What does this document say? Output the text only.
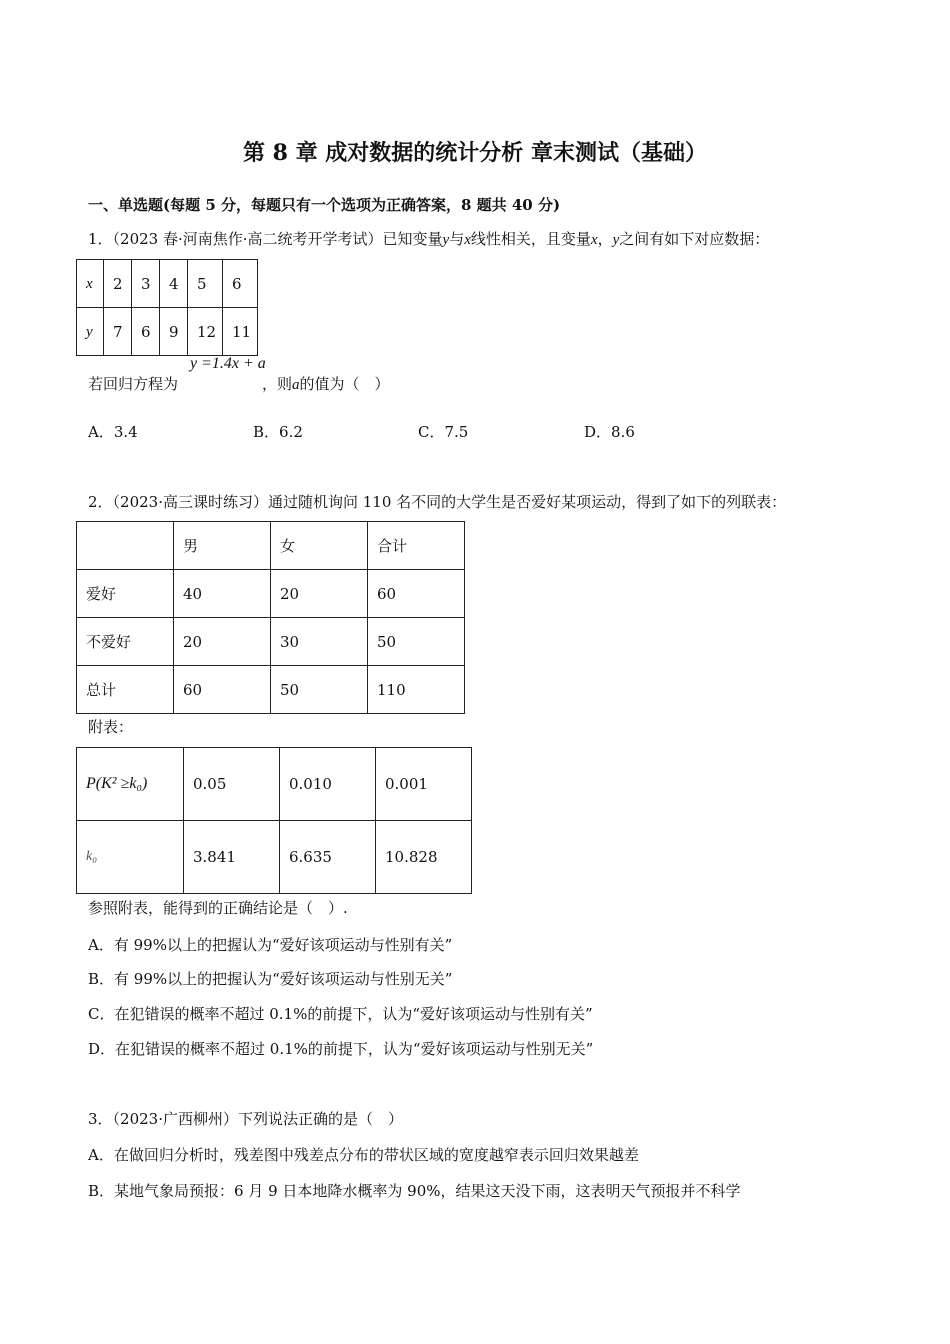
第 8 章 成对数据的统计分析 章末测试（基础）
一、单选题(每题 5 分，每题只有一个选项为正确答案，8 题共 40 分)
1．（2023 春·河南焦作·高二统考开学考试）已知变量y与x线性相关，且变量x，y之间有如下对应数据：
x	2	3	4	5	6
y	7	6	9	12	11
y =1.4x + a
若回归方程为	，则a的值为（　）
A．3.4	B．6.2	C．7.5	D．8.6
2．（2023·高三课时练习）通过随机询问 110 名不同的大学生是否爱好某项运动，得到了如下的列联表：
	男	女	合计
爱好	40	20	60
不爱好	20	30	50
总计	60	50	110
附表：
P(K² ≥k₀)	0.05	0.010	0.001
k₀	3.841	6.635	10.828
参照附表，能得到的正确结论是（　）.
A．有 99%以上的把握认为“爱好该项运动与性别有关”
B．有 99%以上的把握认为“爱好该项运动与性别无关”
C．在犯错误的概率不超过 0.1%的前提下，认为“爱好该项运动与性别有关”
D．在犯错误的概率不超过 0.1%的前提下，认为“爱好该项运动与性别无关”
3．（2023·广西柳州）下列说法正确的是（　）
A．在做回归分析时，残差图中残差点分布的带状区域的宽度越窄表示回归效果越差
B．某地气象局预报：6 月 9 日本地降水概率为 90%，结果这天没下雨，这表明天气预报并不科学
